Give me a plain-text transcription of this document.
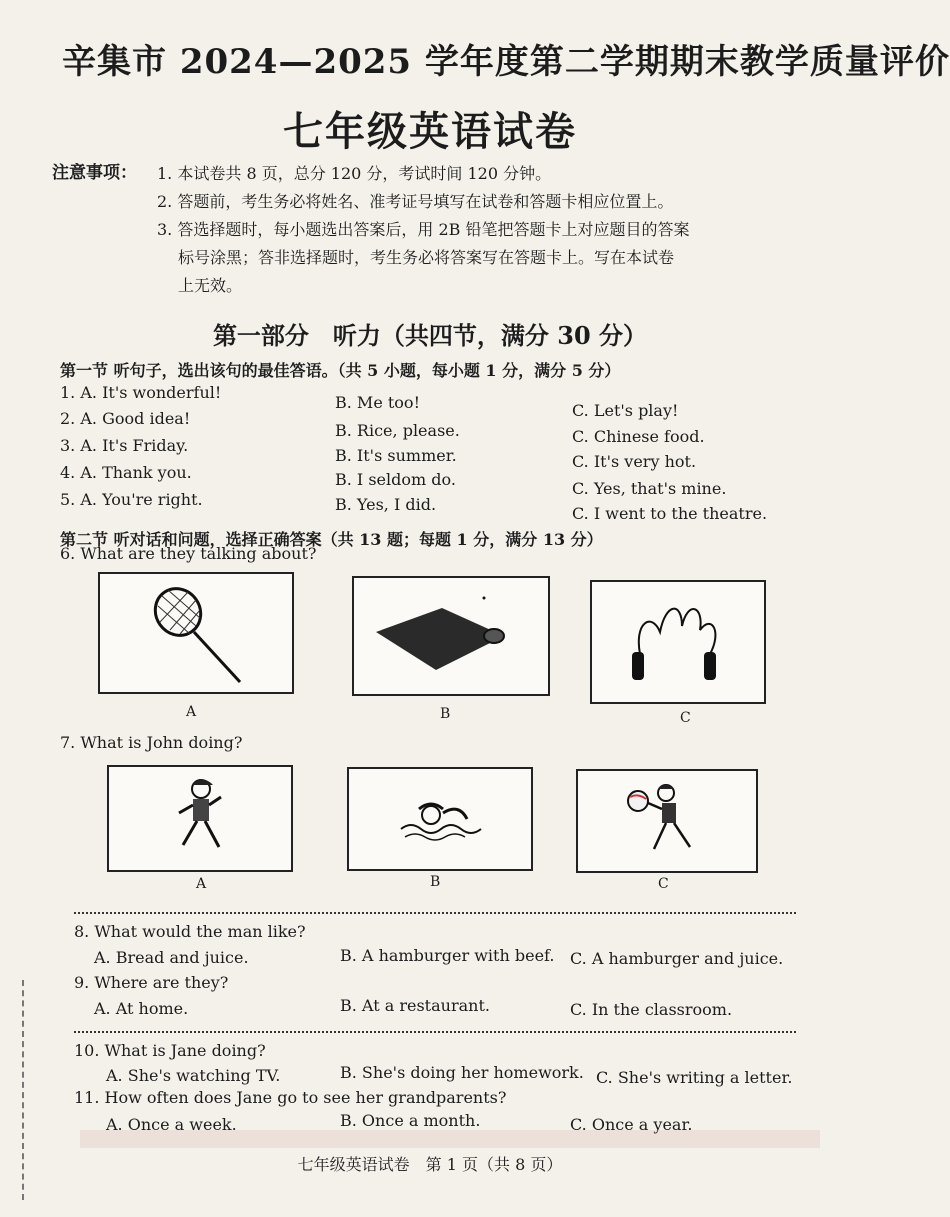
辛集市 2024—2025 学年度第二学期期末教学质量评价
七年级英语试卷
注意事项： 1. 本试卷共 8 页，总分 120 分，考试时间 120 分钟。
2. 答题前，考生务必将姓名、准考证号填写在试卷和答题卡相应位置上。
3. 答选择题时，每小题选出答案后，用 2B 铅笔把答题卡上对应题目的答案
标号涂黑；答非选择题时，考生务必将答案写在答题卡上。写在本试卷
上无效。
第一部分　听力（共四节，满分 30 分）
第一节 听句子，选出该句的最佳答语。（共 5 小题，每小题 1 分，满分 5 分）
1. A. It's wonderful!
B. Me too!	C. Let's play!
2. A. Good idea!
B. Rice, please.	C. Chinese food.
3. A. It's Friday.
B. It's summer.	C. It's very hot.
4. A. Thank you.	B. I seldom do.	C. Yes, that's mine.
5. A. You're right.	B. Yes, I did.	C. I went to the theatre.
第二节 听对话和问题，选择正确答案（共 13 题；每题 1 分，满分 13 分）
6. What are they talking about?
A	B	C
7. What is John doing?
A	B	C
8. What would the man like?
A. Bread and juice.	B. A hamburger with beef. C. A hamburger and juice.
9. Where are they?
A. At home.	B. At a restaurant.	C. In the classroom.
10. What is Jane doing?
A. She's watching TV.	B. She's doing her homework. C. She's writing a letter.
11. How often does Jane go to see her grandparents?
A. Once a week.	B. Once a month.	C. Once a year.
七年级英语试卷　第 1 页（共 8 页）
